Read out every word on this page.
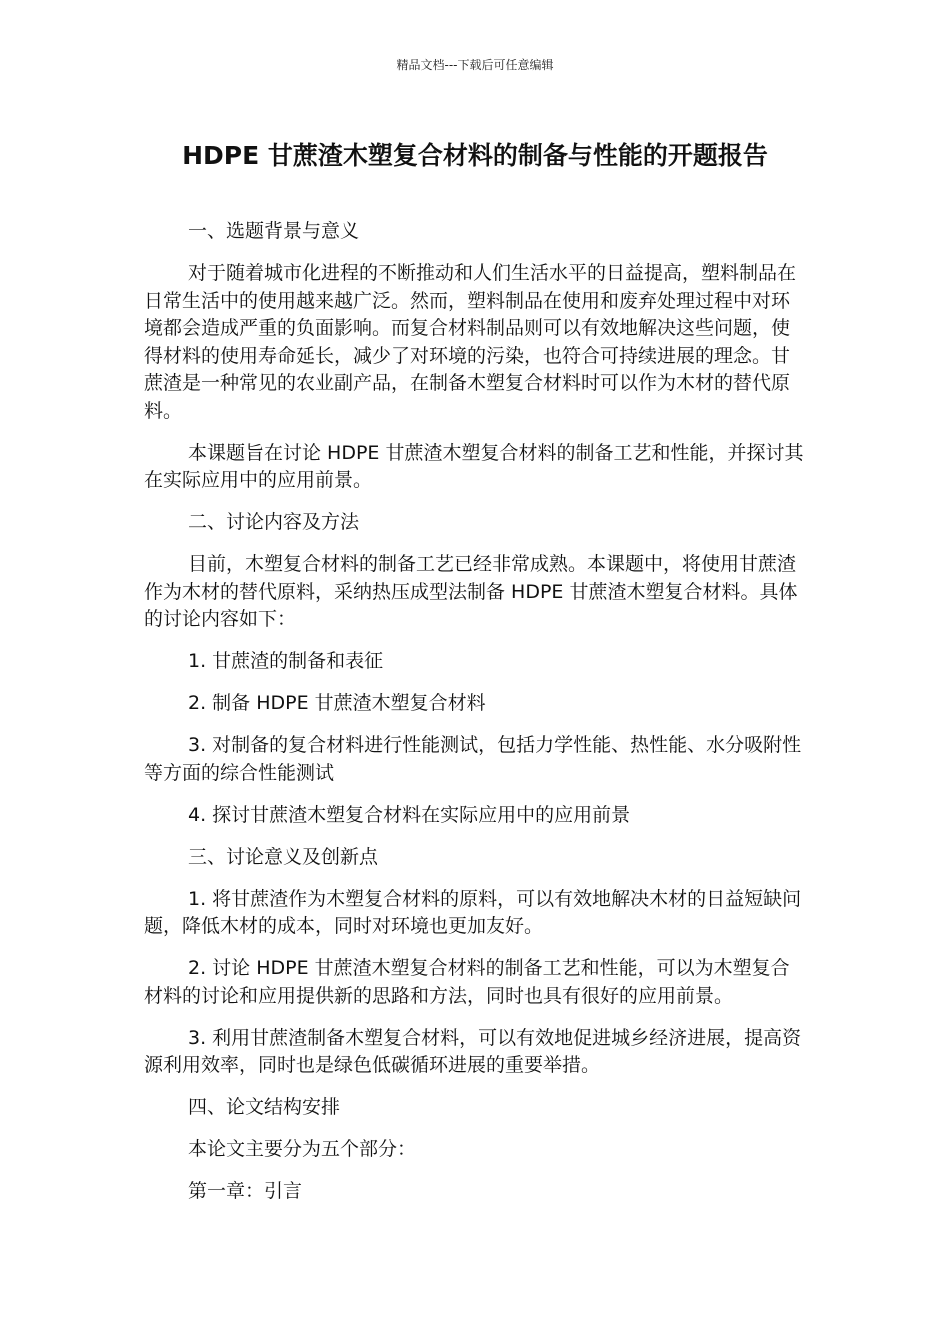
精品文档---下载后可任意编辑
HDPE 甘蔗渣木塑复合材料的制备与性能的开题报告

一、选题背景与意义

对于随着城市化进程的不断推动和人们生活水平的日益提高，塑料制品在日常生活中的使用越来越广泛。然而，塑料制品在使用和废弃处理过程中对环境都会造成严重的负面影响。而复合材料制品则可以有效地解决这些问题，使得材料的使用寿命延长，减少了对环境的污染，也符合可持续进展的理念。甘蔗渣是一种常见的农业副产品，在制备木塑复合材料时可以作为木材的替代原料。

本课题旨在讨论 HDPE 甘蔗渣木塑复合材料的制备工艺和性能，并探讨其在实际应用中的应用前景。

二、讨论内容及方法

目前，木塑复合材料的制备工艺已经非常成熟。本课题中，将使用甘蔗渣作为木材的替代原料，采纳热压成型法制备 HDPE 甘蔗渣木塑复合材料。具体的讨论内容如下：

1. 甘蔗渣的制备和表征

2. 制备 HDPE 甘蔗渣木塑复合材料

3. 对制备的复合材料进行性能测试，包括力学性能、热性能、水分吸附性等方面的综合性能测试

4. 探讨甘蔗渣木塑复合材料在实际应用中的应用前景

三、讨论意义及创新点

1. 将甘蔗渣作为木塑复合材料的原料，可以有效地解决木材的日益短缺问题，降低木材的成本，同时对环境也更加友好。

2. 讨论 HDPE 甘蔗渣木塑复合材料的制备工艺和性能，可以为木塑复合材料的讨论和应用提供新的思路和方法，同时也具有很好的应用前景。

3. 利用甘蔗渣制备木塑复合材料，可以有效地促进城乡经济进展，提高资源利用效率，同时也是绿色低碳循环进展的重要举措。

四、论文结构安排

本论文主要分为五个部分：

第一章：引言
